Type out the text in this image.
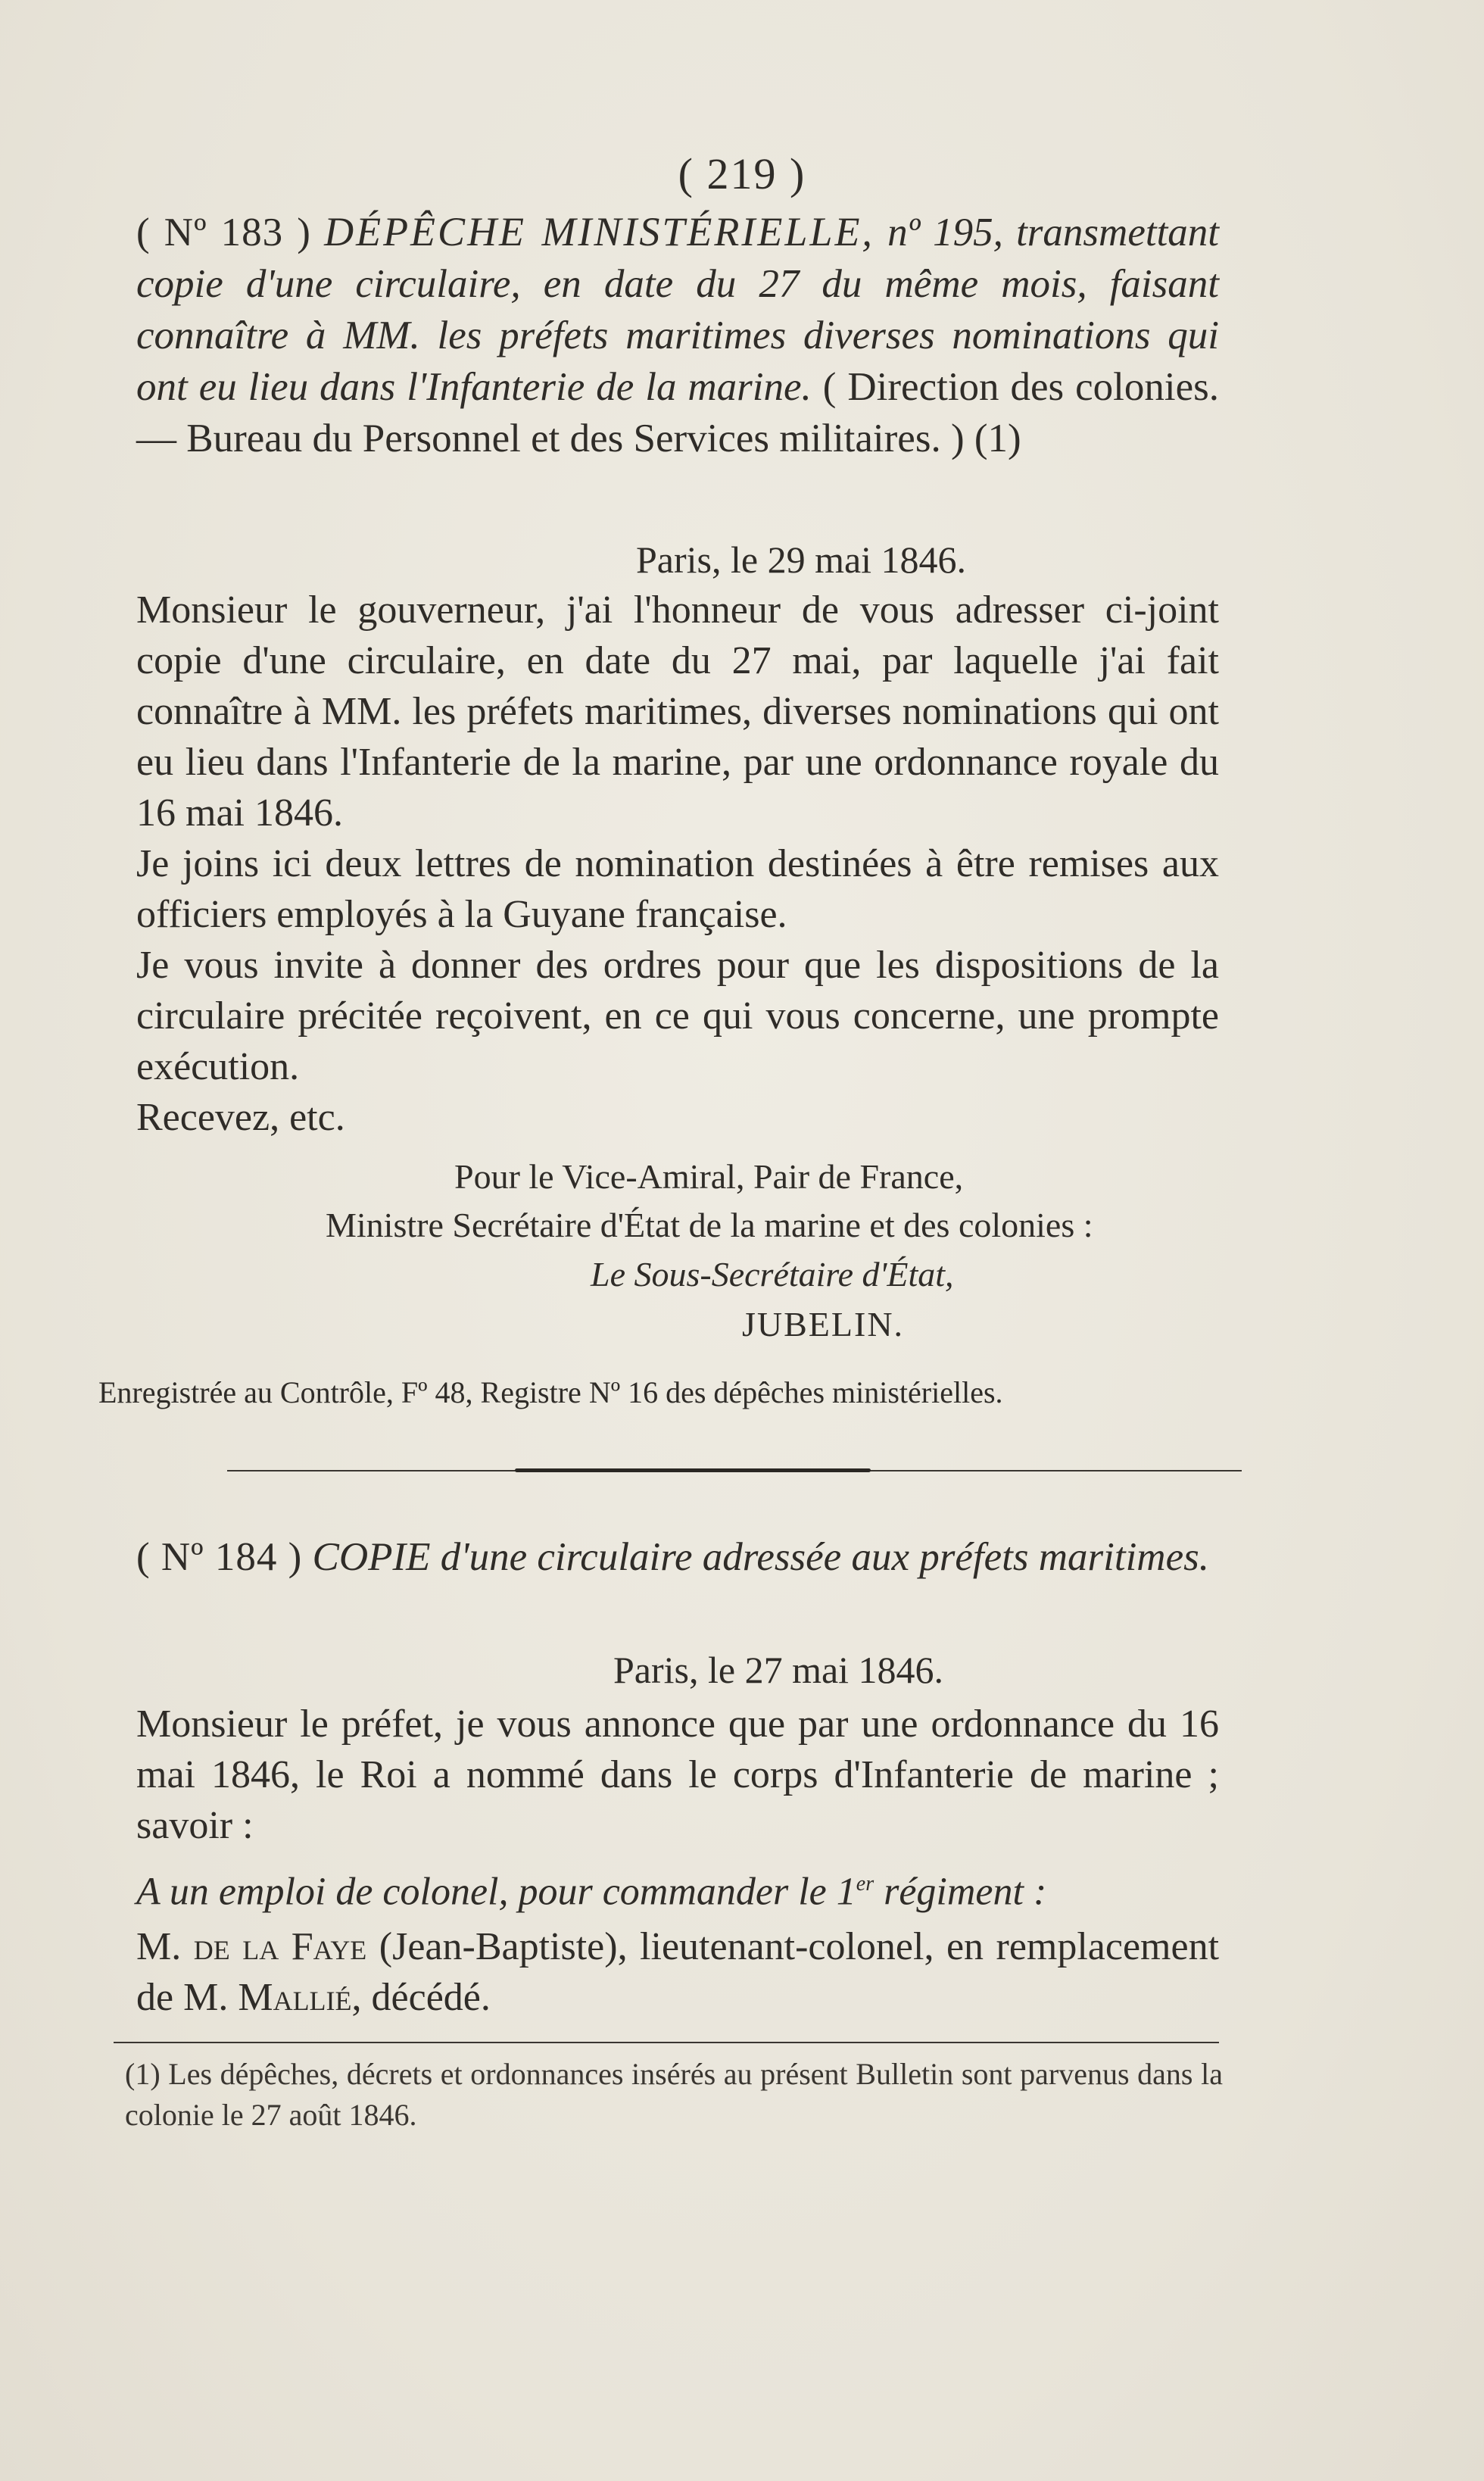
( 219 )
( Nº 183 ) DÉPÊCHE MINISTÉRIELLE, nº 195, transmettant copie d'une circulaire, en date du 27 du même mois, faisant connaître à MM. les préfets maritimes diverses nominations qui ont eu lieu dans l'Infanterie de la marine. ( Direction des colonies. — Bureau du Personnel et des Services militaires. ) (1)
Paris, le 29 mai 1846.

Monsieur le gouverneur, j'ai l'honneur de vous adresser ci-joint copie d'une circulaire, en date du 27 mai, par laquelle j'ai fait connaître à MM. les préfets maritimes, diverses nominations qui ont eu lieu dans l'Infanterie de la marine, par une ordonnance royale du 16 mai 1846.

Je joins ici deux lettres de nomination destinées à être remises aux officiers employés à la Guyane française.

Je vous invite à donner des ordres pour que les dispositions de la circulaire précitée reçoivent, en ce qui vous concerne, une prompte exécution.

Recevez, etc.

Pour le Vice-Amiral, Pair de France,
Ministre Secrétaire d'État de la marine et des colonies :
Le Sous-Secrétaire d'État,
JUBELIN.
Enregistrée au Contrôle, Fº 48, Registre Nº 16 des dépêches ministérielles.
( Nº 184 ) COPIE d'une circulaire adressée aux préfets maritimes.
Paris, le 27 mai 1846.

Monsieur le préfet, je vous annonce que par une ordonnance du 16 mai 1846, le Roi a nommé dans le corps d'Infanterie de marine ; savoir :

A un emploi de colonel, pour commander le 1er régiment :

M. de la Faye (Jean-Baptiste), lieutenant-colonel, en remplacement de M. Mallié, décédé.

(1) Les dépêches, décrets et ordonnances insérés au présent Bulletin sont parvenus dans la colonie le 27 août 1846.
